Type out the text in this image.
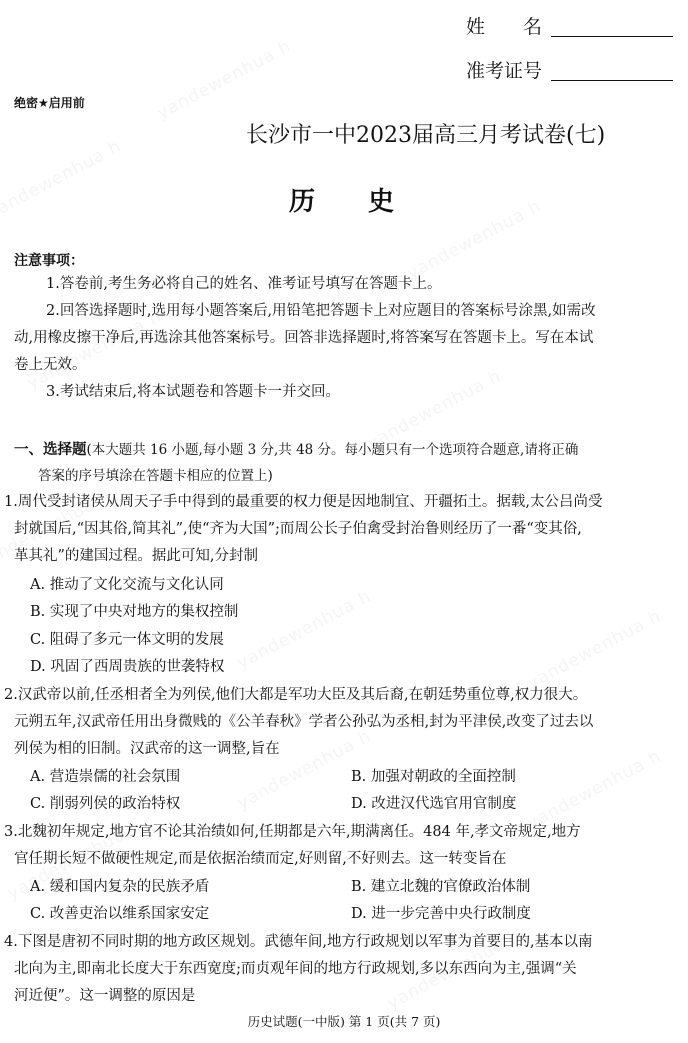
姓　　名
准考证号
绝密★启用前
长沙市一中2023届高三月考试卷(七)
历史
注意事项：
1.答卷前,考生务必将自己的姓名、准考证号填写在答题卡上。
2.回答选择题时,选用每小题答案后,用铅笔把答题卡上对应题目的答案标号涂黑,如需改
动,用橡皮擦干净后,再选涂其他答案标号。回答非选择题时,将答案写在答题卡上。写在本试
卷上无效。
3.考试结束后,将本试题卷和答题卡一并交回。
一、选择题(本大题共 16 小题,每小题 3 分,共 48 分。每小题只有一个选项符合题意,请将正确
答案的序号填涂在答题卡相应的位置上)
1.周代受封诸侯从周天子手中得到的最重要的权力便是因地制宜、开疆拓土。据载,太公吕尚受
封就国后,“因其俗,简其礼”,使“齐为大国”;而周公长子伯禽受封治鲁则经历了一番“变其俗,
革其礼”的建国过程。据此可知,分封制
A. 推动了文化交流与文化认同
B. 实现了中央对地方的集权控制
C. 阻碍了多元一体文明的发展
D. 巩固了西周贵族的世袭特权
2.汉武帝以前,任丞相者全为列侯,他们大都是军功大臣及其后裔,在朝廷势重位尊,权力很大。
元朔五年,汉武帝任用出身微贱的《公羊春秋》学者公孙弘为丞相,封为平津侯,改变了过去以
列侯为相的旧制。汉武帝的这一调整,旨在
A. 营造崇儒的社会氛围	B. 加强对朝政的全面控制
C. 削弱列侯的政治特权	D. 改进汉代选官用官制度
3.北魏初年规定,地方官不论其治绩如何,任期都是六年,期满离任。484 年,孝文帝规定,地方
官任期长短不做硬性规定,而是依据治绩而定,好则留,不好则去。这一转变旨在
A. 缓和国内复杂的民族矛盾	B. 建立北魏的官僚政治体制
C. 改善吏治以维系国家安定	D. 进一步完善中央行政制度
4.下图是唐初不同时期的地方政区规划。武德年间,地方行政规划以军事为首要目的,基本以南
北向为主,即南北长度大于东西宽度;而贞观年间的地方行政规划,多以东西向为主,强调“关
河近便”。这一调整的原因是
历史试题(一中版) 第 1 页(共 7 页)
